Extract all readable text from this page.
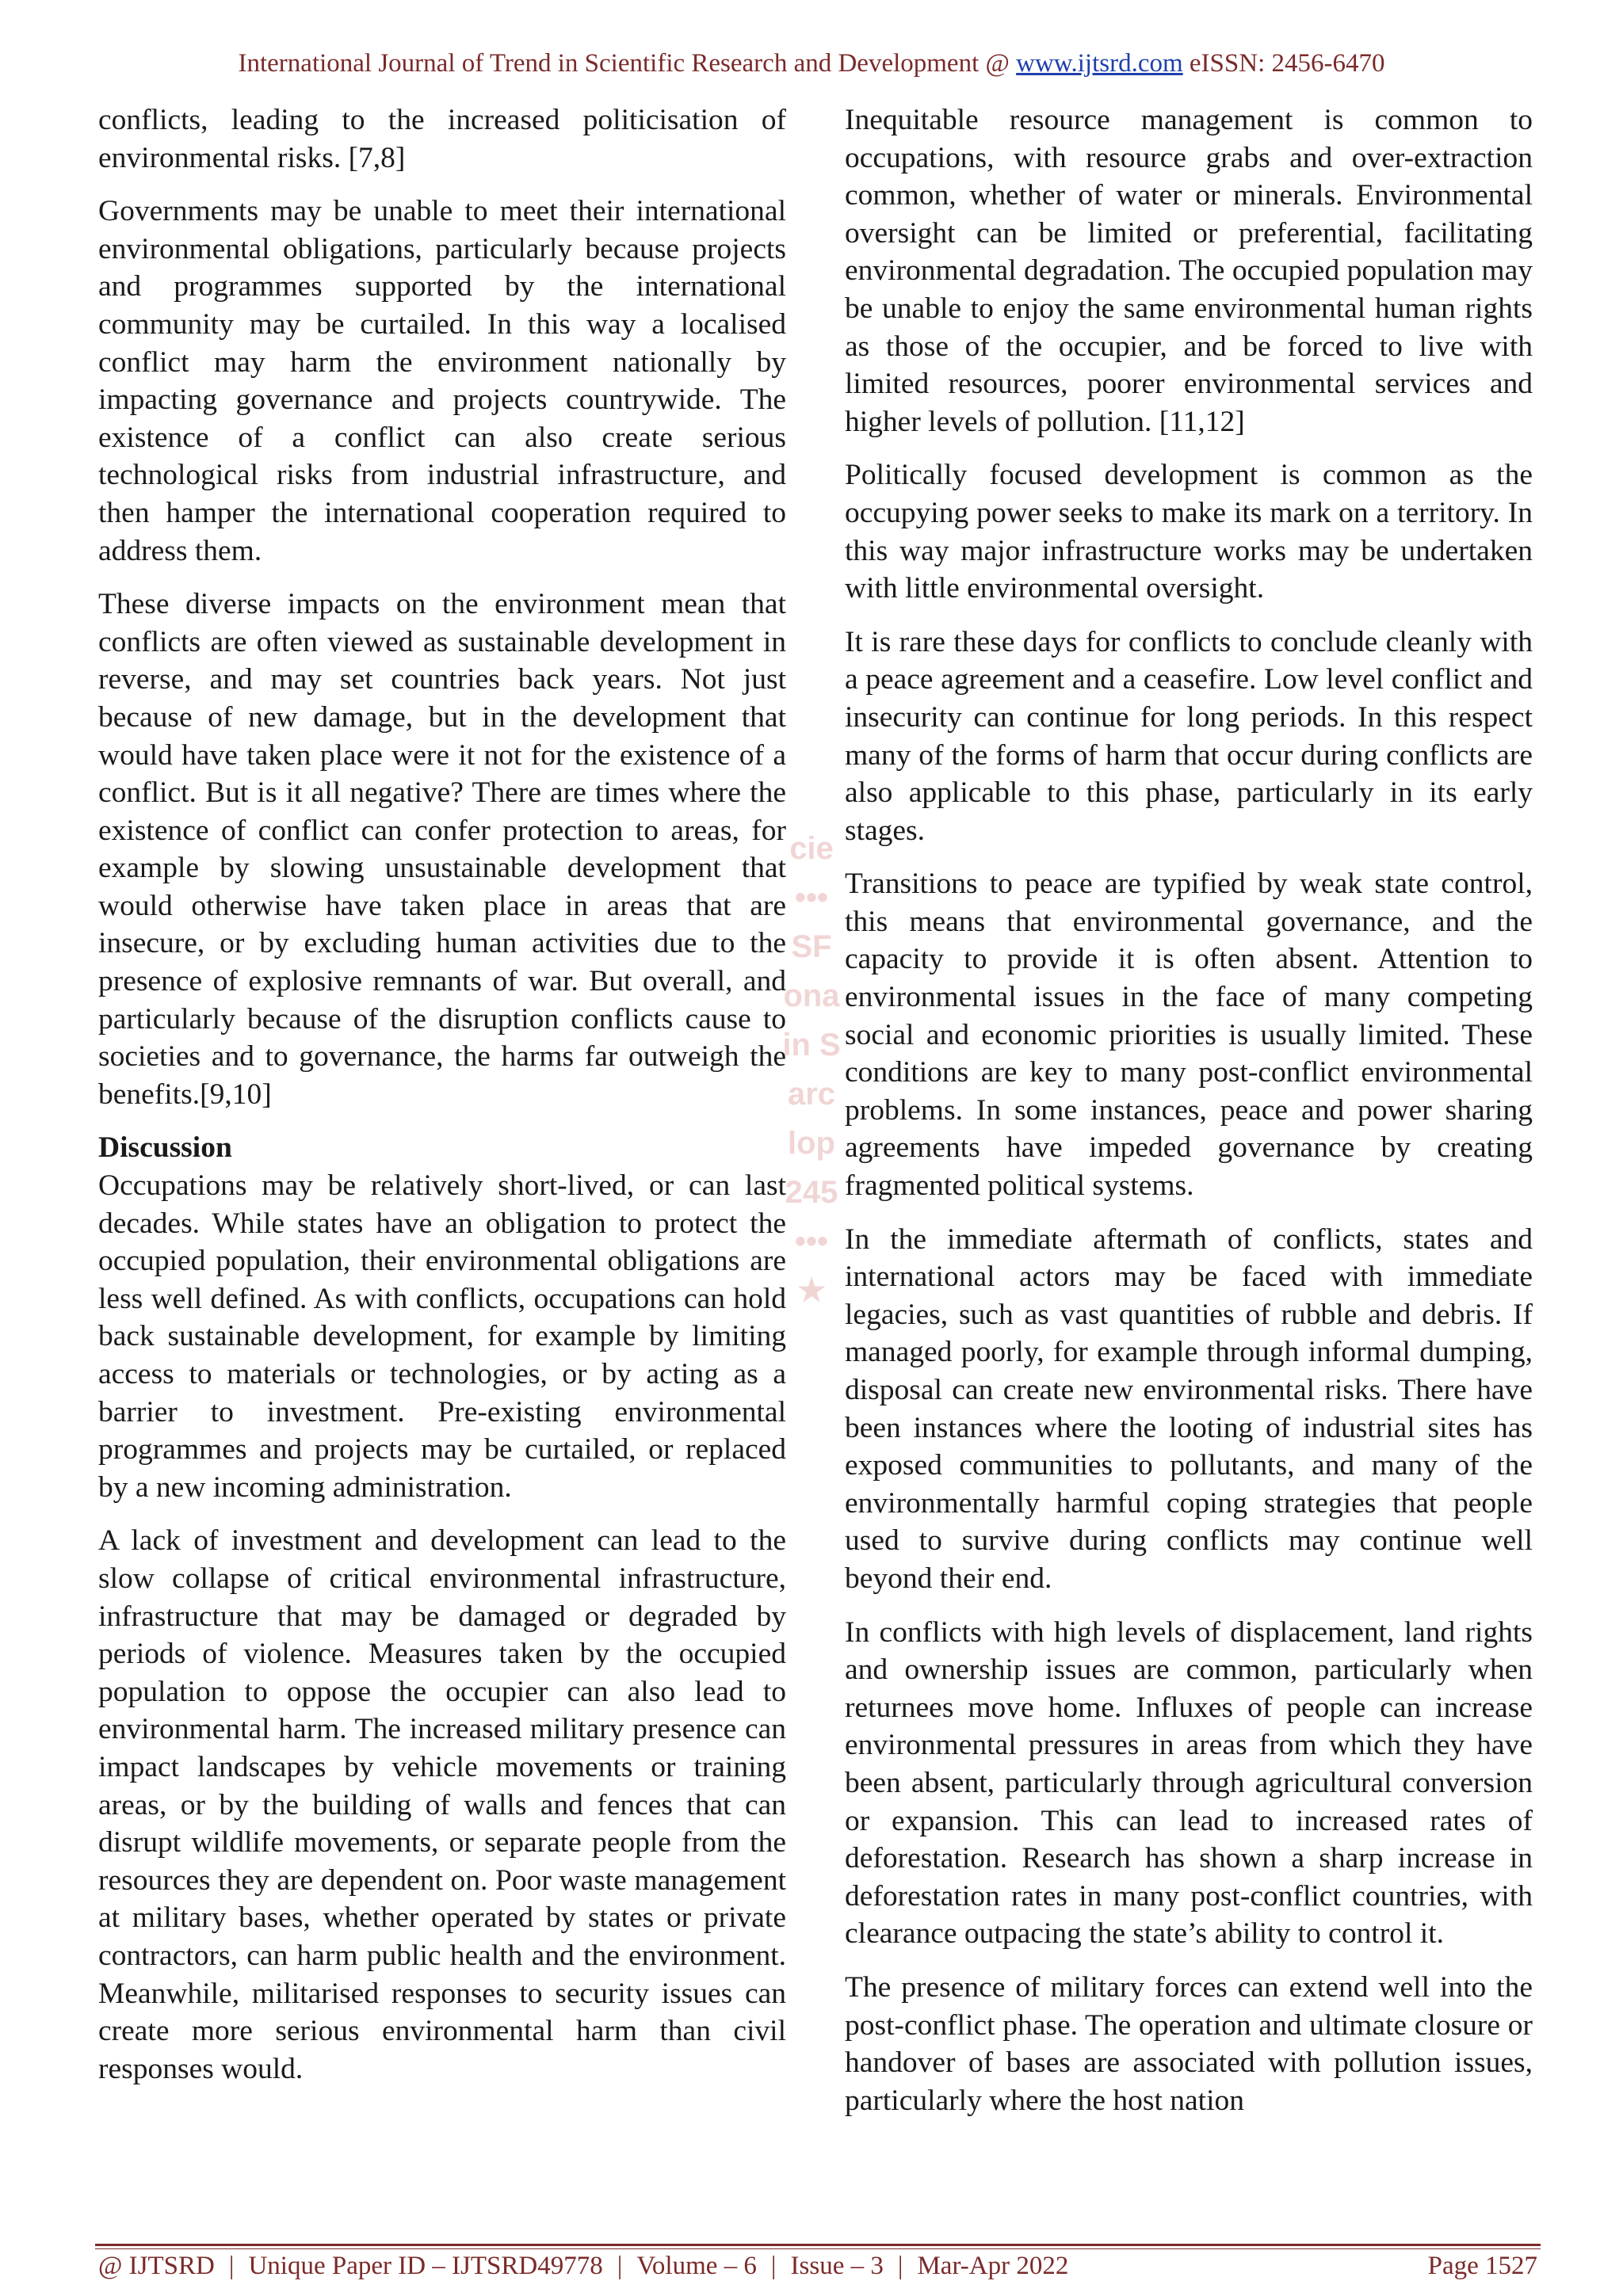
International Journal of Trend in Scientific Research and Development @ www.ijtsrd.com eISSN: 2456-6470
cie
•••
SF
ona
in S
arc
lop
245
•••
★

conflicts, leading to the increased politicisation of environmental risks. [7,8]

Governments may be unable to meet their international environmental obligations, particularly because projects and programmes supported by the international community may be curtailed. In this way a localised conflict may harm the environment nationally by impacting governance and projects countrywide. The existence of a conflict can also create serious technological risks from industrial infrastructure, and then hamper the international cooperation required to address them.

These diverse impacts on the environment mean that conflicts are often viewed as sustainable development in reverse, and may set countries back years. Not just because of new damage, but in the development that would have taken place were it not for the existence of a conflict. But is it all negative? There are times where the existence of conflict can confer protection to areas, for example by slowing unsustainable development that would otherwise have taken place in areas that are insecure, or by excluding human activities due to the presence of explosive remnants of war. But overall, and particularly because of the disruption conflicts cause to societies and to governance, the harms far outweigh the benefits.[9,10]

Discussion

Occupations may be relatively short-lived, or can last decades. While states have an obligation to protect the occupied population, their environmental obligations are less well defined. As with conflicts, occupations can hold back sustainable development, for example by limiting access to materials or technologies, or by acting as a barrier to investment. Pre-existing environmental programmes and projects may be curtailed, or replaced by a new incoming administration.

A lack of investment and development can lead to the slow collapse of critical environmental infrastructure, infrastructure that may be damaged or degraded by periods of violence. Measures taken by the occupied population to oppose the occupier can also lead to environmental harm. The increased military presence can impact landscapes by vehicle movements or training areas, or by the building of walls and fences that can disrupt wildlife movements, or separate people from the resources they are dependent on. Poor waste management at military bases, whether operated by states or private contractors, can harm public health and the environment. Meanwhile, militarised responses to security issues can create more serious environmental harm than civil responses would.

Inequitable resource management is common to occupations, with resource grabs and over-extraction common, whether of water or minerals. Environmental oversight can be limited or preferential, facilitating environmental degradation. The occupied population may be unable to enjoy the same environmental human rights as those of the occupier, and be forced to live with limited resources, poorer environmental services and higher levels of pollution. [11,12]

Politically focused development is common as the occupying power seeks to make its mark on a territory. In this way major infrastructure works may be undertaken with little environmental oversight.

It is rare these days for conflicts to conclude cleanly with a peace agreement and a ceasefire. Low level conflict and insecurity can continue for long periods. In this respect many of the forms of harm that occur during conflicts are also applicable to this phase, particularly in its early stages.

Transitions to peace are typified by weak state control, this means that environmental governance, and the capacity to provide it is often absent. Attention to environmental issues in the face of many competing social and economic priorities is usually limited. These conditions are key to many post-conflict environmental problems. In some instances, peace and power sharing agreements have impeded governance by creating fragmented political systems.

In the immediate aftermath of conflicts, states and international actors may be faced with immediate legacies, such as vast quantities of rubble and debris. If managed poorly, for example through informal dumping, disposal can create new environmental risks. There have been instances where the looting of industrial sites has exposed communities to pollutants, and many of the environmentally harmful coping strategies that people used to survive during conflicts may continue well beyond their end.

In conflicts with high levels of displacement, land rights and ownership issues are common, particularly when returnees move home. Influxes of people can increase environmental pressures in areas from which they have been absent, particularly through agricultural conversion or expansion. This can lead to increased rates of deforestation. Research has shown a sharp increase in deforestation rates in many post-conflict countries, with clearance outpacing the state’s ability to control it.

The presence of military forces can extend well into the post-conflict phase. The operation and ultimate closure or handover of bases are associated with pollution issues, particularly where the host nation

@ IJTSRD | Unique Paper ID – IJTSRD49778 | Volume – 6 | Issue – 3 | Mar-Apr 2022	Page 1527
